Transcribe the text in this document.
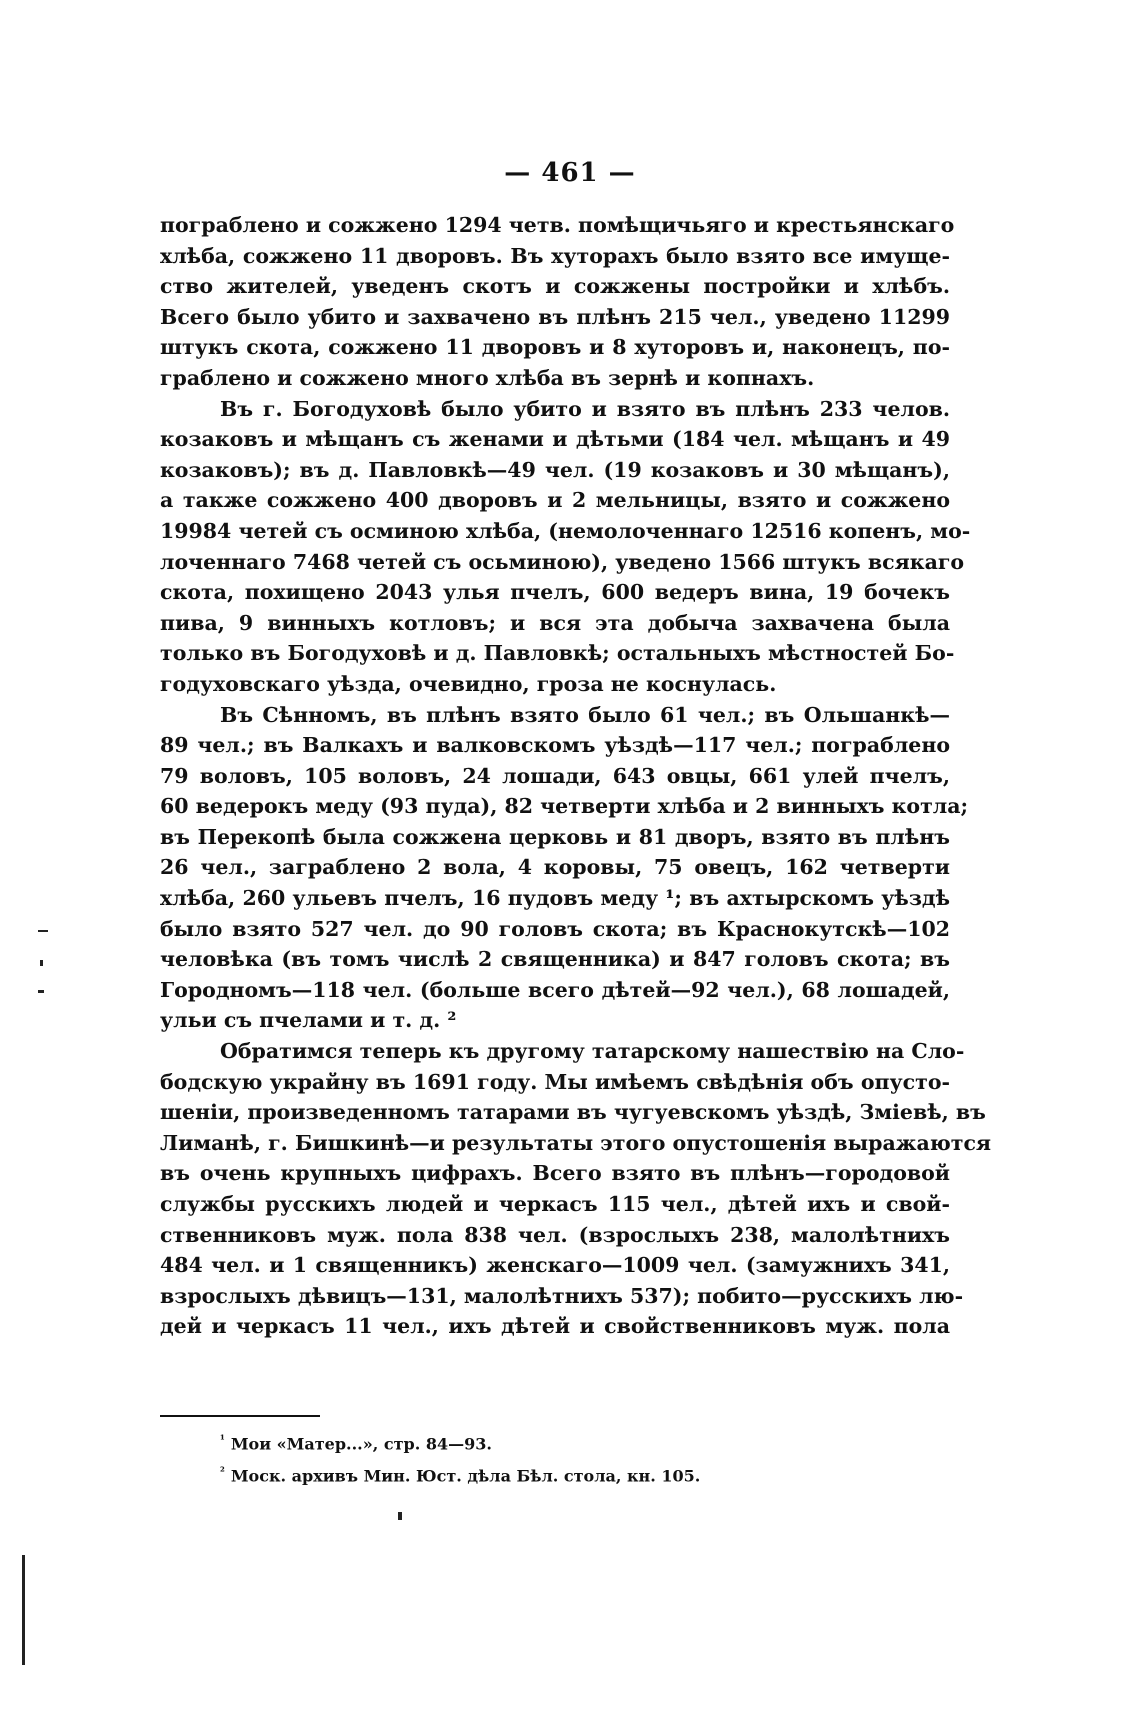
— 461 —
пограблено и сожжено 1294 четв. помѣщичьяго и крестьянскаго
хлѣба, сожжено 11 дворовъ. Въ хуторахъ было взято все имуще-
ство жителей, уведенъ скотъ и сожжены постройки и хлѣбъ.
Всего было убито и захвачено въ плѣнъ 215 чел., уведено 11299
штукъ скота, сожжено 11 дворовъ и 8 хуторовъ и, наконецъ, по-
граблено и сожжено много хлѣба въ зернѣ и копнахъ.
Въ г. Богодуховѣ было убито и взято въ плѣнъ 233 челов.
козаковъ и мѣщанъ съ женами и дѣтьми (184 чел. мѣщанъ и 49
козаковъ); въ д. Павловкѣ—49 чел. (19 козаковъ и 30 мѣщанъ),
а также сожжено 400 дворовъ и 2 мельницы, взято и сожжено
19984 четей съ осминою хлѣба, (немолоченнаго 12516 копенъ, мо-
лоченнаго 7468 четей съ осьминою), уведено 1566 штукъ всякаго
скота, похищено 2043 улья пчелъ, 600 ведеръ вина, 19 бочекъ
пива, 9 винныхъ котловъ; и вся эта добыча захвачена была
только въ Богодуховѣ и д. Павловкѣ; остальныхъ мѣстностей Бо-
годуховскаго уѣзда, очевидно, гроза не коснулась.
Въ Сѣнномъ, въ плѣнъ взято было 61 чел.; въ Ольшанкѣ—
89 чел.; въ Валкахъ и валковскомъ уѣздѣ—117 чел.; пограблено
79 воловъ, 105 воловъ, 24 лошади, 643 овцы, 661 улей пчелъ,
60 ведерокъ меду (93 пуда), 82 четверти хлѣба и 2 винныхъ котла;
въ Перекопѣ была сожжена церковь и 81 дворъ, взято въ плѣнъ
26 чел., заграблено 2 вола, 4 коровы, 75 овецъ, 162 четверти
хлѣба, 260 ульевъ пчелъ, 16 пудовъ меду ¹; въ ахтырскомъ уѣздѣ
было взято 527 чел. до 90 головъ скота; въ Краснокутскѣ—102
человѣка (въ томъ числѣ 2 священника) и 847 головъ скота; въ
Городномъ—118 чел. (больше всего дѣтей—92 чел.), 68 лошадей,
ульи съ пчелами и т. д. ²
Обратимся теперь къ другому татарскому нашествію на Сло-
бодскую украйну въ 1691 году. Мы имѣемъ свѣдѣнія объ опусто-
шеніи, произведенномъ татарами въ чугуевскомъ уѣздѣ, Зміевѣ, въ
Лиманѣ, г. Бишкинѣ—и результаты этого опустошенія выражаются
въ очень крупныхъ цифрахъ. Всего взято въ плѣнъ—городовой
службы русскихъ людей и черкасъ 115 чел., дѣтей ихъ и свой-
ственниковъ муж. пола 838 чел. (взрослыхъ 238, малолѣтнихъ
484 чел. и 1 священникъ) женскаго—1009 чел. (замужнихъ 341,
взрослыхъ дѣвицъ—131, малолѣтнихъ 537); побито—русскихъ лю-
дей и черкасъ 11 чел., ихъ дѣтей и свойственниковъ муж. пола
$^{^1}$ Мои «Матер...», стр. 84—93.
$^{^2}$ Моск. архивъ Мин. Юст. дѣла Бѣл. стола, кн. 105.
